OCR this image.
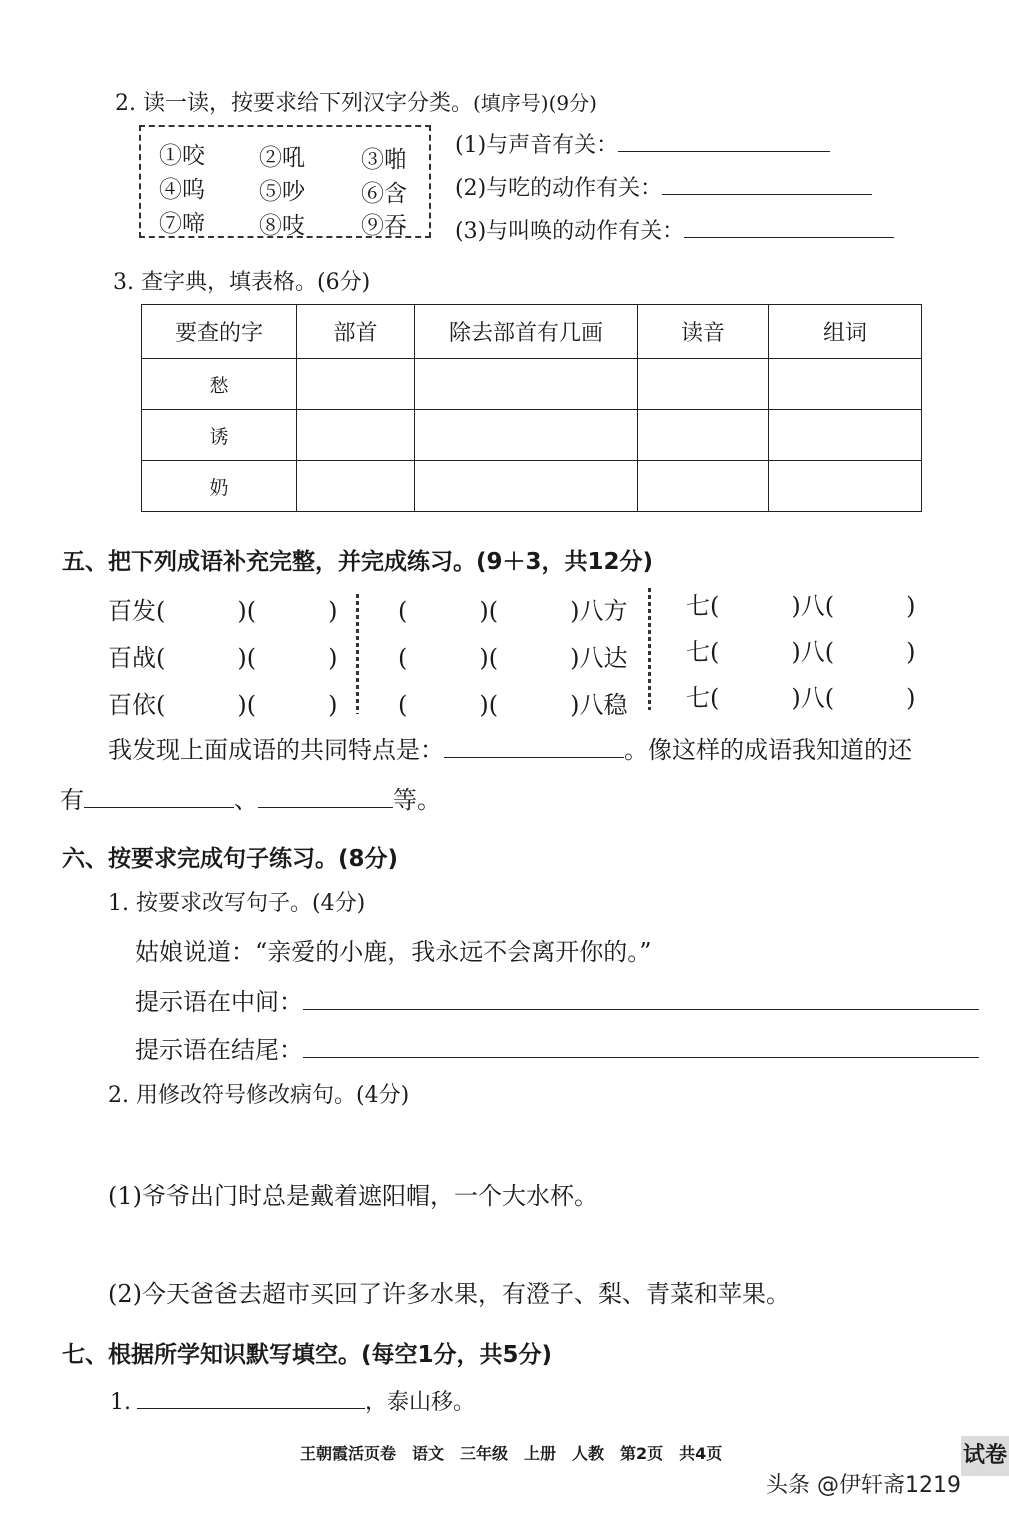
2. 读一读，按要求给下列汉字分类。(填序号)(9分)
①咬 ②吼 ③啪
④呜 ⑤吵 ⑥含
⑦啼 ⑧吱 ⑨吞
(1)与声音有关：
(2)与吃的动作有关：
(3)与叫唤的动作有关：
3. 查字典，填表格。(6分)
要查的字	部首	除去部首有几画	读音	组词
愁				
诱				
奶				
五、把下列成语补充完整，并完成练习。(9＋3，共12分)
百发(　　　)(　　　)
百战(　　　)(　　　)
百依(　　　)(　　　)
(　　　)(　　　)八方
(　　　)(　　　)八达
(　　　)(　　　)八稳
七(　　　)八(　　　)
七(　　　)八(　　　)
七(　　　)八(　　　)
我发现上面成语的共同特点是：	。像这样的成语我知道的还
有	、	等。
六、按要求完成句子练习。(8分)
1. 按要求改写句子。(4分)
姑娘说道：“亲爱的小鹿，我永远不会离开你的。”
提示语在中间：
提示语在结尾：
2. 用修改符号修改病句。(4分)
(1)爷爷出门时总是戴着遮阳帽，一个大水杯。
(2)今天爸爸去超市买回了许多水果，有澄子、梨、青菜和苹果。
七、根据所学知识默写填空。(每空1分，共5分)
1.	，泰山移。
王朝霞活页卷　语文　三年级　上册　人教　第2页　共4页	试卷
头条 @伊轩斋1219
